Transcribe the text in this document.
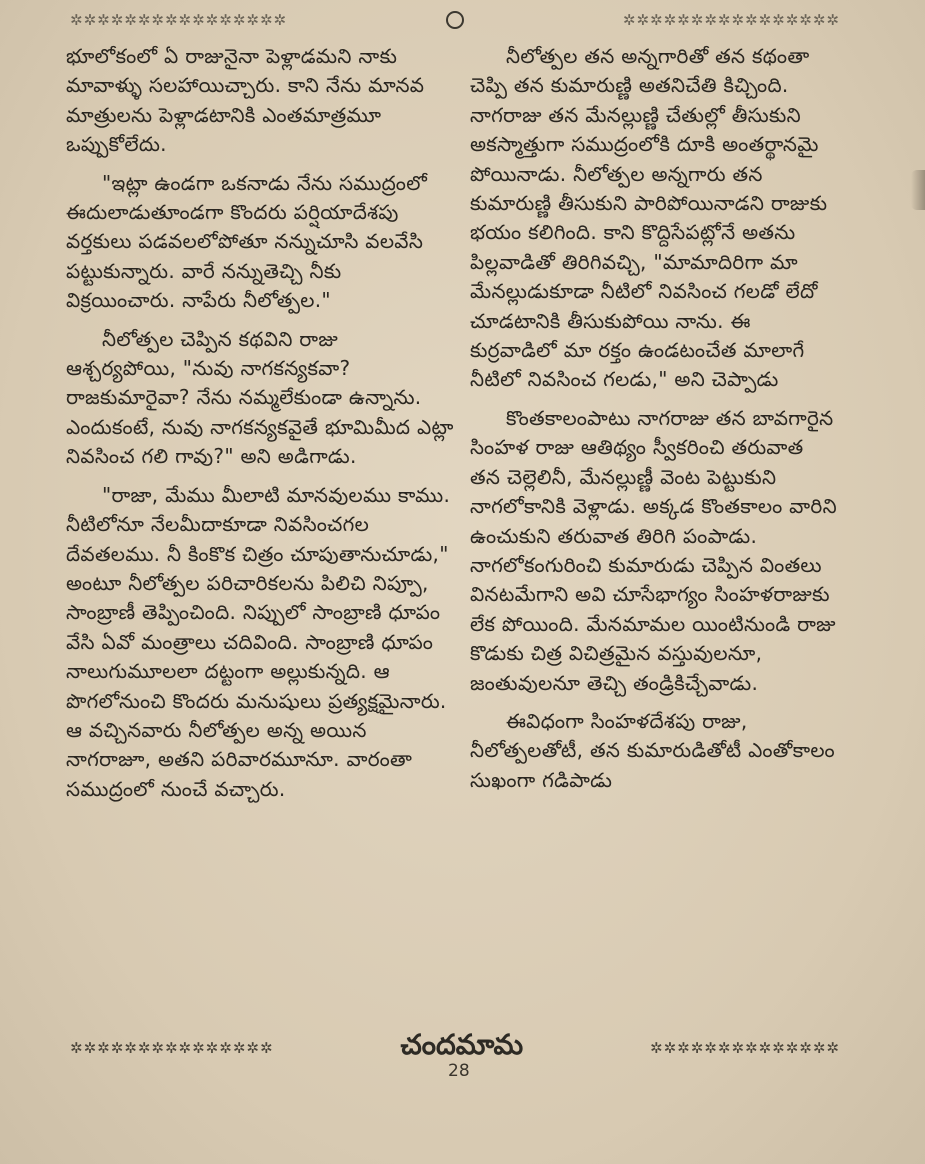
✲✲✲✲✲✲✲✲✲✲✲✲✲✲✲✲	✲✲✲✲✲✲✲✲✲✲✲✲✲✲✲✲

భూలోకంలో ఏ రాజునైనా పెళ్లాడమని నాకు మావాళ్ళు సలహాయిచ్చారు. కాని నేను మానవ మాత్రులను పెళ్లాడటానికి ఎంతమాత్రమూ ఒప్పుకోలేదు.

"ఇట్లా ఉండగా ఒకనాడు నేను సముద్రంలో ఈదులాడుతూండగా కొందరు పర్షియాదేశపు వర్తకులు పడవలలోపోతూ నన్నుచూసి వలవేసి పట్టుకున్నారు. వారే నన్నుతెచ్చి నీకు విక్రయించారు. నాపేరు నీలోత్పల."

నీలోత్పల చెప్పిన కథవిని రాజు ఆశ్చర్యపోయి, "నువు నాగకన్యకవా? రాజకుమారైవా? నేను నమ్మలేకుండా ఉన్నాను. ఎందుకంటే, నువు నాగకన్యకవైతే భూమిమీద ఎట్లా నివసించ గలి గావు?" అని అడిగాడు.

"రాజా, మేము మీలాటి మానవులము కాము. నీటిలోనూ నేలమీదాకూడా నివసించగల దేవతలము. నీ కింకొక చిత్రం చూపుతానుచూడు," అంటూ నీలోత్పల పరిచారికలను పిలిచి నిప్పూ, సాంబ్రాణీ తెప్పించింది. నిప్పులో సాంబ్రాణి ధూపం వేసి ఏవో మంత్రాలు చదివింది. సాంబ్రాణి ధూపం నాలుగుమూలలా దట్టంగా అల్లుకున్నది. ఆ పొగలోనుంచి కొందరు మనుషులు ప్రత్యక్షమైనారు. ఆ వచ్చినవారు నీలోత్పల అన్న అయిన నాగరాజూ, అతని పరివారమూనూ. వారంతా సముద్రంలో నుంచే వచ్చారు.

నీలోత్పల తన అన్నగారితో తన కథంతా చెప్పి తన కుమారుణ్ణి అతనిచేతి కిచ్చింది. నాగరాజు తన మేనల్లుణ్ణి చేతుల్లో తీసుకుని అకస్మాత్తుగా సముద్రంలోకి దూకి అంతర్థానమై పోయినాడు. నీలోత్పల అన్నగారు తన కుమారుణ్ణి తీసుకుని పారిపోయినాడని రాజుకు భయం కలిగింది. కాని కొద్దిసేపట్లోనే అతను పిల్లవాడితో తిరిగివచ్చి, "మామాదిరిగా మా మేనల్లుడుకూడా నీటిలో నివసించ గలడో లేదో చూడటానికి తీసుకుపోయి నాను. ఈ కుర్రవాడిలో మా రక్తం ఉండటంచేత మాలాగే నీటిలో నివసించ గలడు," అని చెప్పాడు

కొంతకాలంపాటు నాగరాజు తన బావగారైన సింహళ రాజు ఆతిథ్యం స్వీకరించి తరువాత తన చెల్లెలినీ, మేనల్లుణ్ణీ వెంట పెట్టుకుని నాగలోకానికి వెళ్లాడు. అక్కడ కొంతకాలం వారిని ఉంచుకుని తరువాత తిరిగి పంపాడు. నాగలోకంగురించి కుమారుడు చెప్పిన వింతలు వినటమేగాని అవి చూసేభాగ్యం సింహళరాజుకు లేక పోయింది. మేనమామల యింటినుండి రాజు కొడుకు చిత్ర విచిత్రమైన వస్తువులనూ, జంతువులనూ తెచ్చి తండ్రికిచ్చేవాడు.

ఈవిధంగా సింహళదేశపు రాజు, నీలోత్పలతోటీ, తన కుమారుడితోటీ ఎంతోకాలం సుఖంగా గడిపాడు

✲✲✲✲✲✲✲✲✲✲✲✲✲✲✲	చందమామ	✲✲✲✲✲✲✲✲✲✲✲✲✲✲
28
